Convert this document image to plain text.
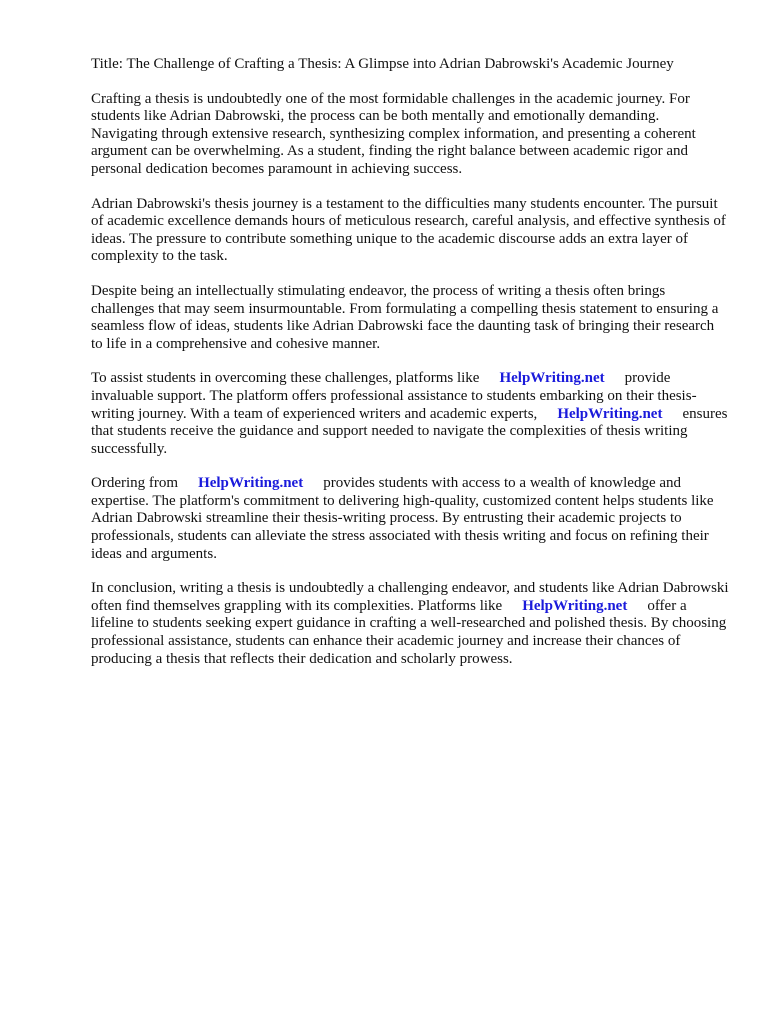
Title: The Challenge of Crafting a Thesis: A Glimpse into Adrian Dabrowski's Academic Journey

Crafting a thesis is undoubtedly one of the most formidable challenges in the academic journey. For students like Adrian Dabrowski, the process can be both mentally and emotionally demanding. Navigating through extensive research, synthesizing complex information, and presenting a coherent argument can be overwhelming. As a student, finding the right balance between academic rigor and personal dedication becomes paramount in achieving success.

Adrian Dabrowski's thesis journey is a testament to the difficulties many students encounter. The pursuit of academic excellence demands hours of meticulous research, careful analysis, and effective synthesis of ideas. The pressure to contribute something unique to the academic discourse adds an extra layer of complexity to the task.

Despite being an intellectually stimulating endeavor, the process of writing a thesis often brings challenges that may seem insurmountable. From formulating a compelling thesis statement to ensuring a seamless flow of ideas, students like Adrian Dabrowski face the daunting task of bringing their research to life in a comprehensive and cohesive manner.

To assist students in overcoming these challenges, platforms like HelpWriting.net provide invaluable support. The platform offers professional assistance to students embarking on their thesis-writing journey. With a team of experienced writers and academic experts, HelpWriting.net ensures that students receive the guidance and support needed to navigate the complexities of thesis writing successfully.

Ordering from HelpWriting.net provides students with access to a wealth of knowledge and expertise. The platform's commitment to delivering high-quality, customized content helps students like Adrian Dabrowski streamline their thesis-writing process. By entrusting their academic projects to professionals, students can alleviate the stress associated with thesis writing and focus on refining their ideas and arguments.

In conclusion, writing a thesis is undoubtedly a challenging endeavor, and students like Adrian Dabrowski often find themselves grappling with its complexities. Platforms like HelpWriting.net offer a lifeline to students seeking expert guidance in crafting a well-researched and polished thesis. By choosing professional assistance, students can enhance their academic journey and increase their chances of producing a thesis that reflects their dedication and scholarly prowess.
